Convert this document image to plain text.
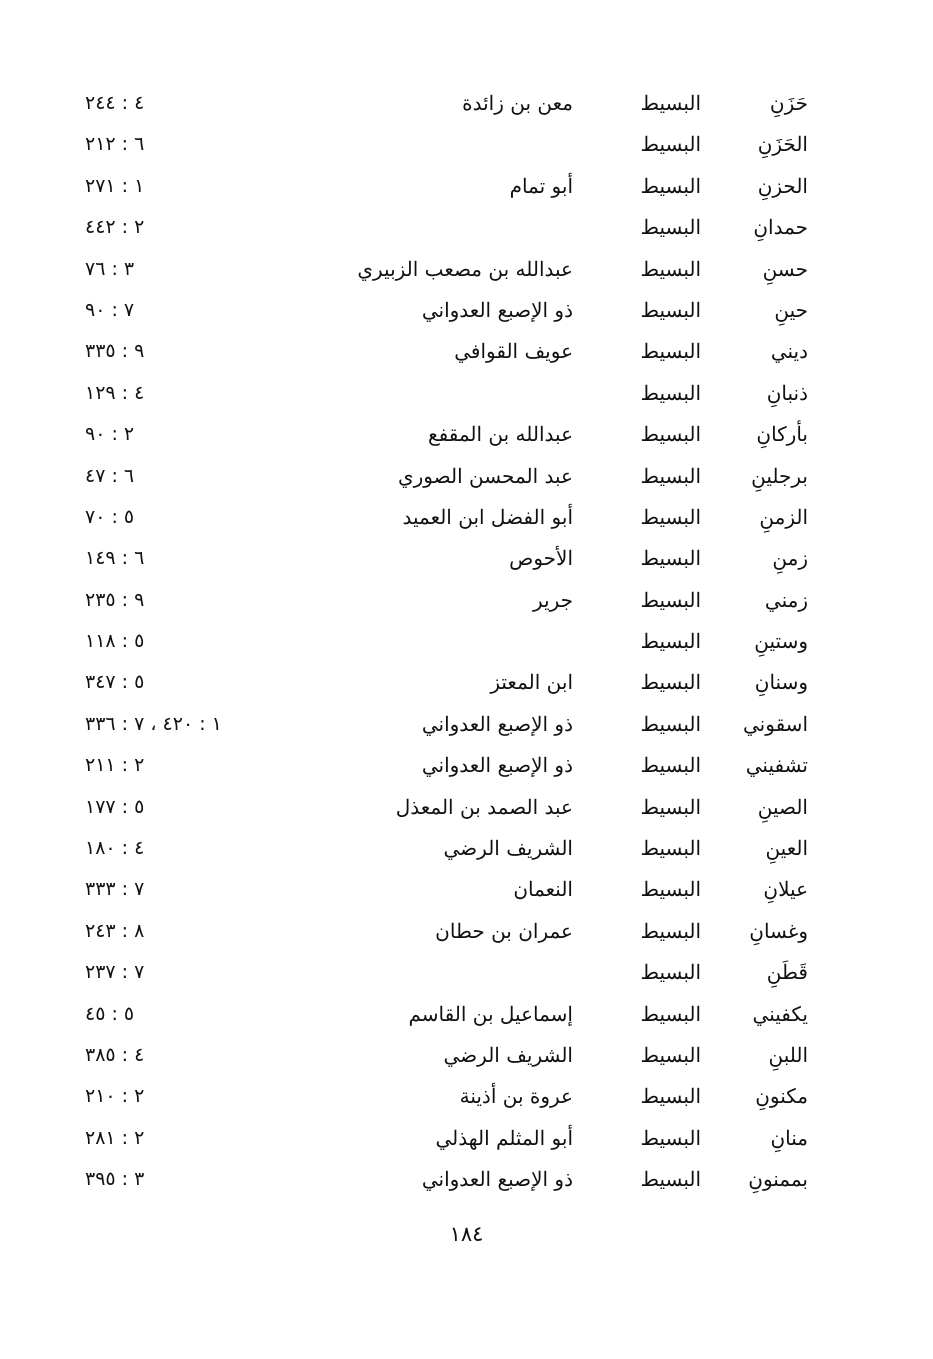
حَزَنِ
البسيط
معن بن زائدة
٤ : ٢٤٤
الحَزَنِ
البسيط
٦ : ٢١٢
الحزنِ
البسيط
أبو تمام
١ : ٢٧١
حمدانِ
البسيط
٢ : ٤٤٢
حسنِ
البسيط
عبدالله بن مصعب الزبيري
٣ : ٧٦
حينِ
البسيط
ذو الإصبع العدواني
٧ : ٩٠
ديني
البسيط
عويف القوافي
٩ : ٣٣٥
ذنبانِ
البسيط
٤ : ١٢٩
بأركانِ
البسيط
عبدالله بن المقفع
٢ : ٩٠
برجلينِ
البسيط
عبد المحسن الصوري
٦ : ٤٧
الزمنِ
البسيط
أبو الفضل ابن العميد
٥ : ٧٠
زمنِ
البسيط
الأحوص
٦ : ١٤٩
زمني
البسيط
جرير
٩ : ٢٣٥
وستينِ
البسيط
٥ : ١١٨
وسنانِ
البسيط
ابن المعتز
٥ : ٣٤٧
اسقوني
البسيط
ذو الإصبع العدواني
١ : ٤٢٠ ، ٧ : ٣٣٦
تشفيني
البسيط
ذو الإصبع العدواني
٢ : ٢١١
الصينِ
البسيط
عبد الصمد بن المعذل
٥ : ١٧٧
العينِ
البسيط
الشريف الرضي
٤ : ١٨٠
عيلانِ
البسيط
النعمان
٧ : ٣٣٣
وغسانِ
البسيط
عمران بن حطان
٨ : ٢٤٣
قَطَنِ
البسيط
٧ : ٢٣٧
يكفيني
البسيط
إسماعيل بن القاسم
٥ : ٤٥
اللبنِ
البسيط
الشريف الرضي
٤ : ٣٨٥
مكنونِ
البسيط
عروة بن أذينة
٢ : ٢١٠
منانِ
البسيط
أبو المثلم الهذلي
٢ : ٢٨١
بممنونِ
البسيط
ذو الإصبع العدواني
٣ : ٣٩٥
١٨٤
